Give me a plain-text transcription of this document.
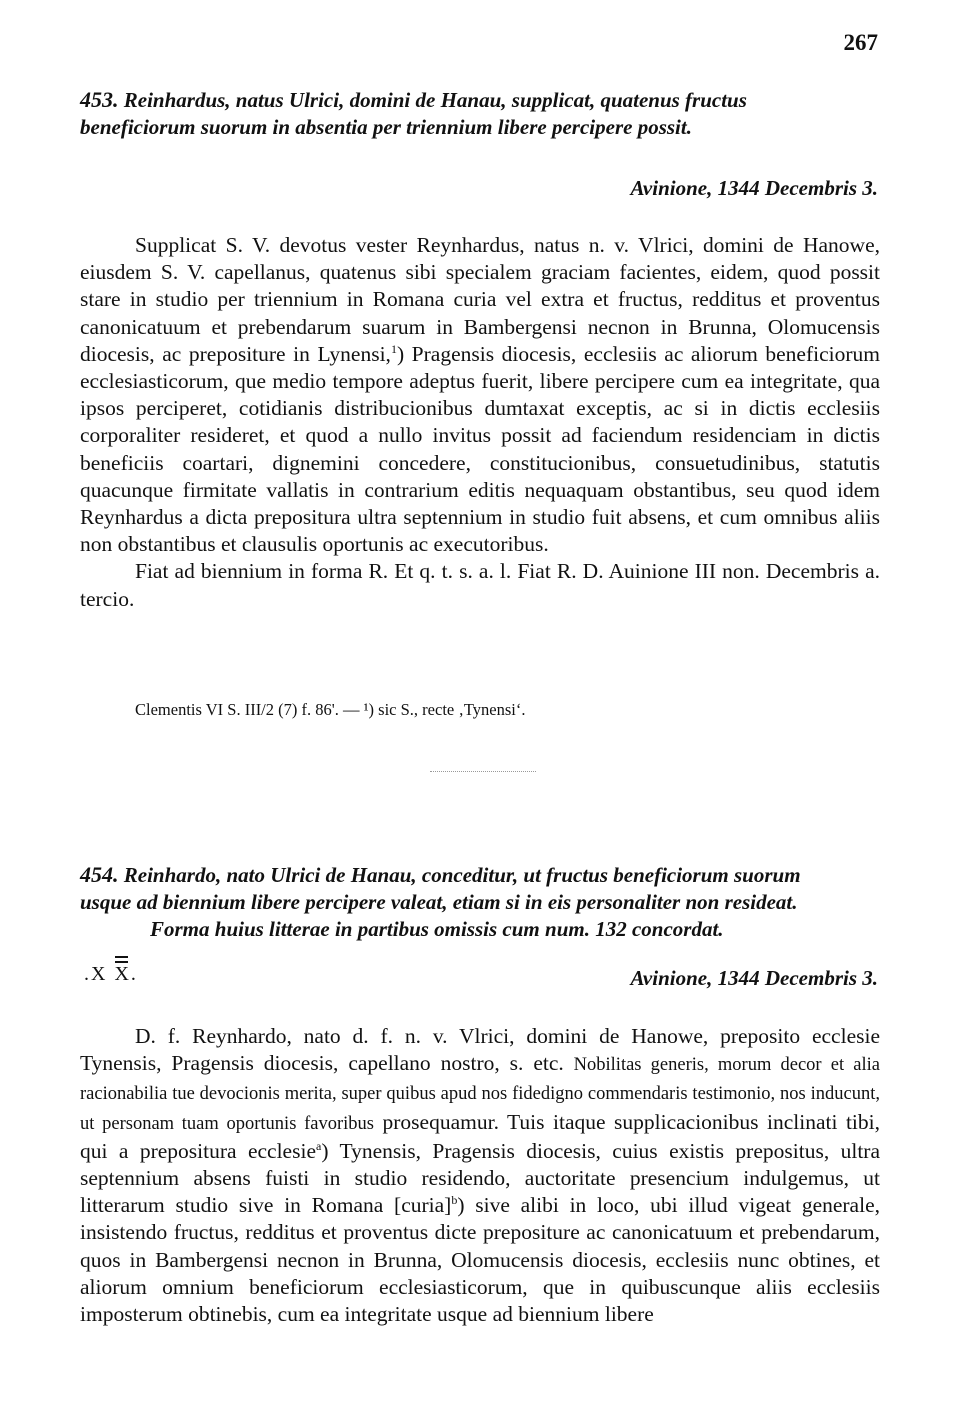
267
453. Reinhardus, natus Ulrici, domini de Hanau, supplicat, quatenus fructus
beneficiorum suorum in absentia per triennium libere percipere possit.
Avinione, 1344 Decembris 3.

Supplicat S. V. devotus vester Reynhardus, natus n. v. Vlrici, domini de Hanowe, eiusdem S. V. capellanus, quatenus sibi specialem graciam facientes, eidem, quod possit stare in studio per triennium in Romana curia vel extra et fructus, redditus et proventus canonicatuum et prebendarum suarum in Bambergensi necnon in Brunna, Olomucensis diocesis, ac prepositure in Lynensi,$^1$) Pragensis diocesis, ecclesiis ac aliorum beneficiorum ecclesiasticorum, que medio tempore adeptus fuerit, libere percipere cum ea integritate, qua ipsos perciperet, cotidianis distribucionibus dumtaxat exceptis, ac si in dictis ecclesiis corporaliter resideret, et quod a nullo invitus possit ad faciendum residenciam in dictis beneficiis coartari, dignemini concedere, constitucionibus, consuetudinibus, statutis quacunque firmitate vallatis in contrarium editis nequaquam obstantibus, seu quod idem Reynhardus a dicta prepositura ultra septennium in studio fuit absens, et cum omnibus aliis non obstantibus et clausulis oportunis ac executoribus.

Fiat ad biennium in forma R. Et q. t. s. a. l. Fiat R. D. Auinione III non. Decembris a. tercio.

Clementis VI S. III/2 (7) f. 86'. — ¹) sic S., recte ‚Tynensi‘.
454. Reinhardo, nato Ulrici de Hanau, conceditur, ut fructus beneficiorum suorum
usque ad biennium libere percipere valeat, etiam si in eis personaliter non resideat.
Forma huius litterae in partibus omissis cum num. 132 concordat.
.X X.	Avinione, 1344 Decembris 3.

D. f. Reynhardo, nato d. f. n. v. Vlrici, domini de Hanowe, preposito ecclesie Tynensis, Pragensis diocesis, capellano nostro, s. etc. Nobilitas generis, morum decor et alia racionabilia tue devocionis merita, super quibus apud nos fidedigno commendaris testimonio, nos inducunt, ut personam tuam oportunis favoribus prosequamur. Tuis itaque supplicacionibus inclinati tibi, qui a prepositura ecclesie$^a$) Tynensis, Pragensis diocesis, cuius existis prepositus, ultra septennium absens fuisti in studio residendo, auctoritate presencium indulgemus, ut litterarum studio sive in Romana [curia]$^b$) sive alibi in loco, ubi illud vigeat generale, insistendo fructus, redditus et proventus dicte prepositure ac canonicatuum et prebendarum, quos in Bambergensi necnon in Brunna, Olomucensis diocesis, ecclesiis nunc obtines, et aliorum omnium beneficiorum ecclesiasticorum, que in quibuscunque aliis ecclesiis imposterum obtinebis, cum ea integritate usque ad biennium libere
